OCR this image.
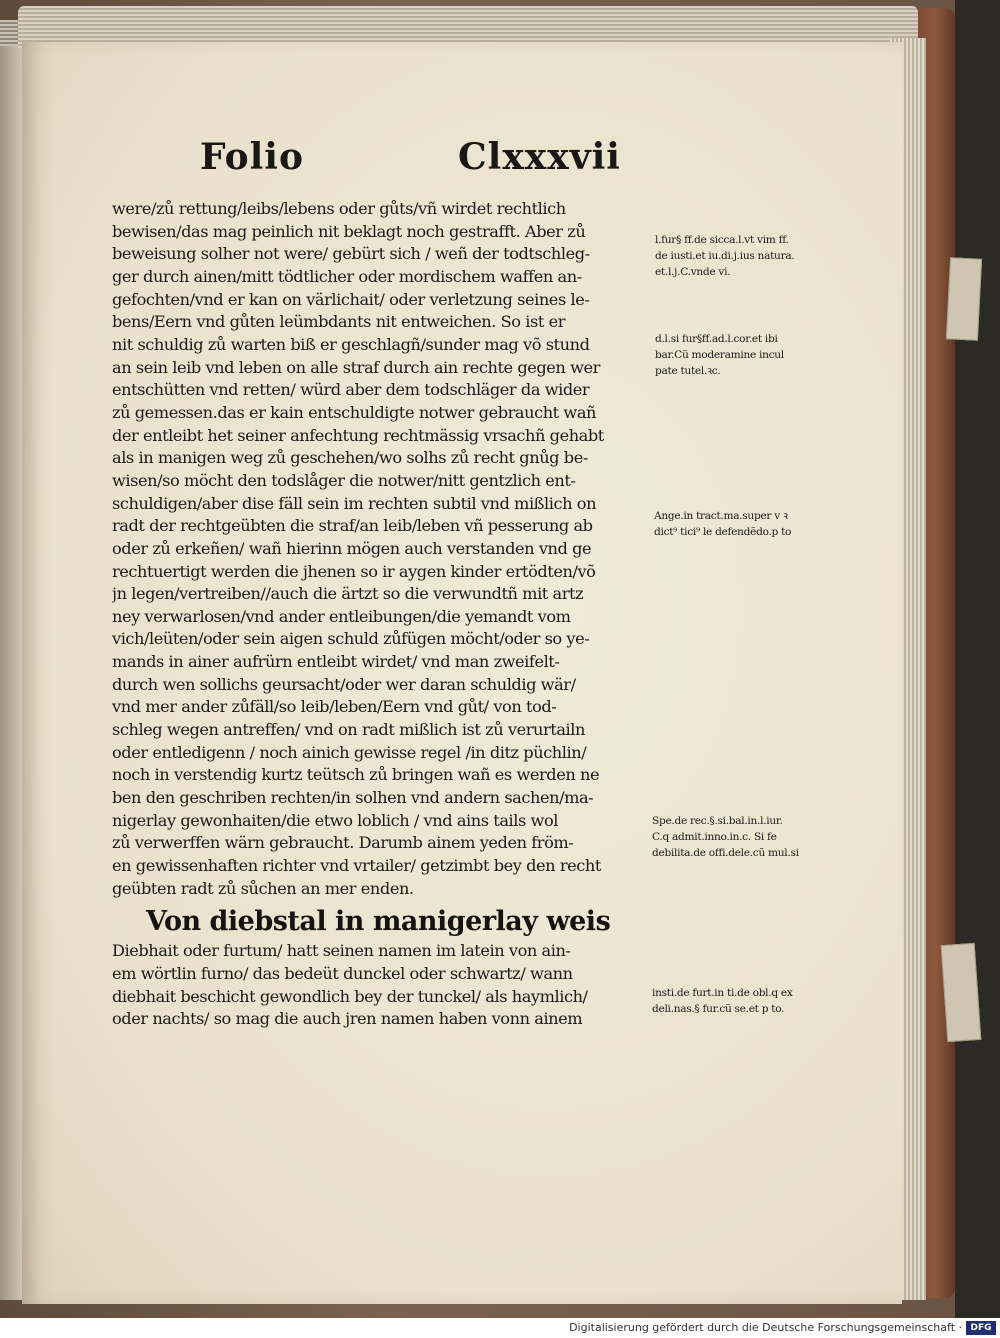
Folio	Clxxxvii
were/zů rettung/leibs/lebens oder gůts/vñ wirdet rechtlich
bewisen/das mag peinlich nit beklagt noch gestrafft. Aber zů
beweisung solher not were/ gebürt sich / weñ der todtschleg-
ger durch ainen/mitt tödtlicher oder mordischem waffen an-
gefochten/vnd er kan on värlichait/ oder verletzung seines le-
bens/Eern vnd gůten leümbdants nit entweichen. So ist er
nit schuldig zů warten biß er geschlagñ/sunder mag võ stund
an sein leib vnd leben on alle straf durch ain rechte gegen wer
entschütten vnd retten/ würd aber dem todschläger da wider
zů gemessen.das er kain entschuldigte notwer gebraucht wañ
der entleibt het seiner anfechtung rechtmässig vrsachñ gehabt
als in manigen weg zů geschehen/wo solhs zů recht gnůg be-
wisen/so möcht den todslåger die notwer/nitt gentzlich ent-
schuldigen/aber dise fäll sein im rechten subtil vnd mißlich on
radt der rechtgeübten die straf/an leib/leben vñ pesserung ab
oder zů erkeñen/ wañ hierinn mögen auch verstanden vnd ge
rechtuertigt werden die jhenen so ir aygen kinder ertödten/võ
jn legen/vertreiben//auch die ärtzt so die verwundtñ mit artz
ney verwarlosen/vnd ander entleibungen/die yemandt vom
vich/leüten/oder sein aigen schuld zůfügen möcht/oder so ye-
mands in ainer aufrürn entleibt wirdet/ vnd man zweifelt-
durch wen sollichs geursacht/oder wer daran schuldig wär/
vnd mer ander zůfäll/so leib/leben/Eern vnd gůt/ von tod-
schleg wegen antreffen/ vnd on radt mißlich ist zů verurtailn
oder entledigenn / noch ainich gewisse regel /in ditz püchlin/
noch in verstendig kurtz teütsch zů bringen wañ es werden ne
ben den geschriben rechten/in solhen vnd andern sachen/ma-
nigerlay gewonhaiten/die etwo loblich / vnd ains tails wol
zů verwerffen wärn gebraucht. Darumb ainem yeden fröm-
en gewissenhaften richter vnd vrtailer/ getzimbt bey den recht
geübten radt zů sůchen an mer enden.
Von diebstal in manigerlay weis
Diebhait oder furtum/ hatt seinen namen im latein von ain-
em wörtlin furno/ das bedeüt dunckel oder schwartz/ wann
diebhait beschicht gewondlich bey der tunckel/ als haymlich/
oder nachts/ so mag die auch jren namen haben vonn ainem
l.fur§ ff.de sicca.l.vt vim ff.
de iusti.et iu.di.j.ius natura.
et.l.j.C.vnde vi.
d.l.si fur§ff.ad.l.cor.et ibi
bar.Cũ moderamine incul
pate tutel.ꝛc.
Ange.in tract.ma.super v ꝛ
dict⁹ tici⁹ le defendẽdo.p to
Spe.de rec.§.si.bal.in.l.iur.
C.q admit.inno.in.c. Si fe
debilita.de offi.dele.cũ mul.si
insti.de furt.in ti.de obl.q ex
deli.nas.§ fur.cũ se.et p to.
Digitalisierung gefördert durch die Deutsche Forschungsgemeinschaft · DFG
